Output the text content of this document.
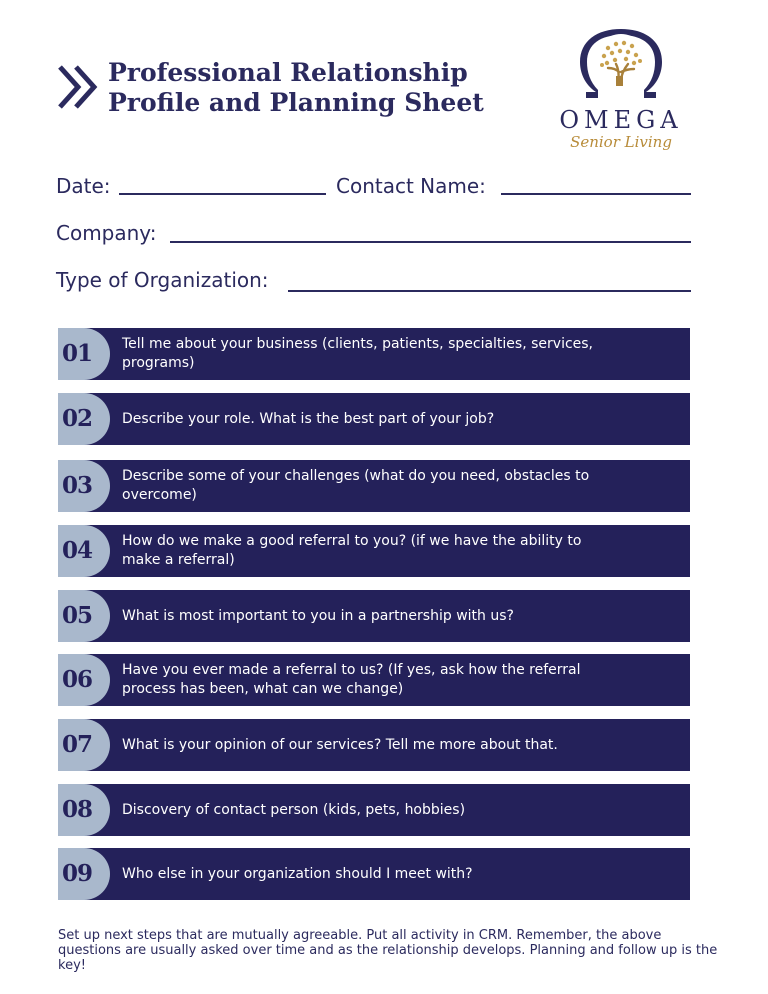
Professional Relationship Profile and Planning Sheet
OMEGA
Senior Living
Date:	Contact Name:
Company:
Type of Organization:
01	Tell me about your business (clients, patients, specialties, services, programs)
02	Describe your role. What is the best part of your job?
03	Describe some of your challenges (what do you need, obstacles to overcome)
04	How do we make a good referral to you? (if we have the ability to make a referral)
05	What is most important to you in a partnership with us?
06	Have you ever made a referral to us? (If yes, ask how the referral process has been, what can we change)
07	What is your opinion of our services? Tell me more about that.
08	Discovery of contact person (kids, pets, hobbies)
09	Who else in your organization should I meet with?

Set up next steps that are mutually agreeable. Put all activity in CRM. Remember, the above questions are usually asked over time and as the relationship develops. Planning and follow up is the key!
